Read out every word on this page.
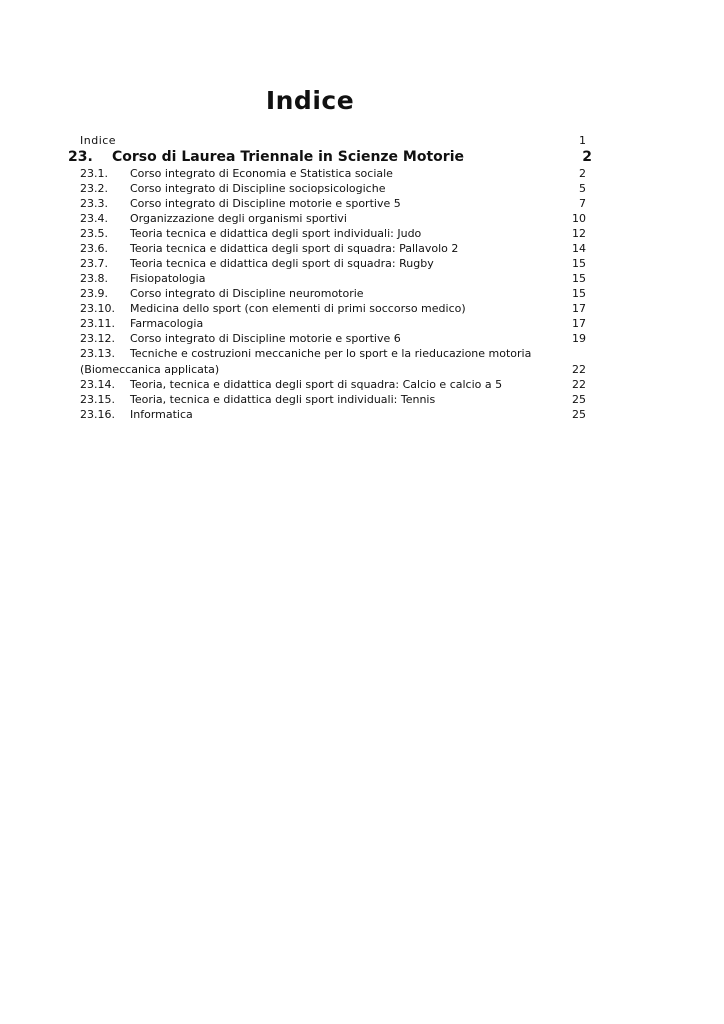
Indice
Indice	1
23.	Corso di Laurea Triennale in Scienze Motorie	2
23.1.	Corso integrato di Economia e Statistica sociale	2
23.2.	Corso integrato di Discipline sociopsicologiche	5
23.3.	Corso integrato di Discipline motorie e sportive 5	7
23.4.	Organizzazione degli organismi sportivi	10
23.5.	Teoria tecnica e didattica degli sport individuali: Judo	12
23.6.	Teoria tecnica e didattica degli sport di squadra: Pallavolo 2	14
23.7.	Teoria tecnica e didattica degli sport di squadra: Rugby	15
23.8.	Fisiopatologia	15
23.9.	Corso integrato di Discipline neuromotorie	15
23.10.	Medicina dello sport (con elementi di primi soccorso medico)	17
23.11.	Farmacologia	17
23.12.	Corso integrato di Discipline motorie e sportive 6	19
23.13.	Tecniche e costruzioni meccaniche per lo sport e la rieducazione motoria
(Biomeccanica applicata)	22
23.14.	Teoria, tecnica e didattica degli sport di squadra: Calcio e calcio a 5	22
23.15.	Teoria, tecnica e didattica degli sport individuali: Tennis	25
23.16.	Informatica	25
